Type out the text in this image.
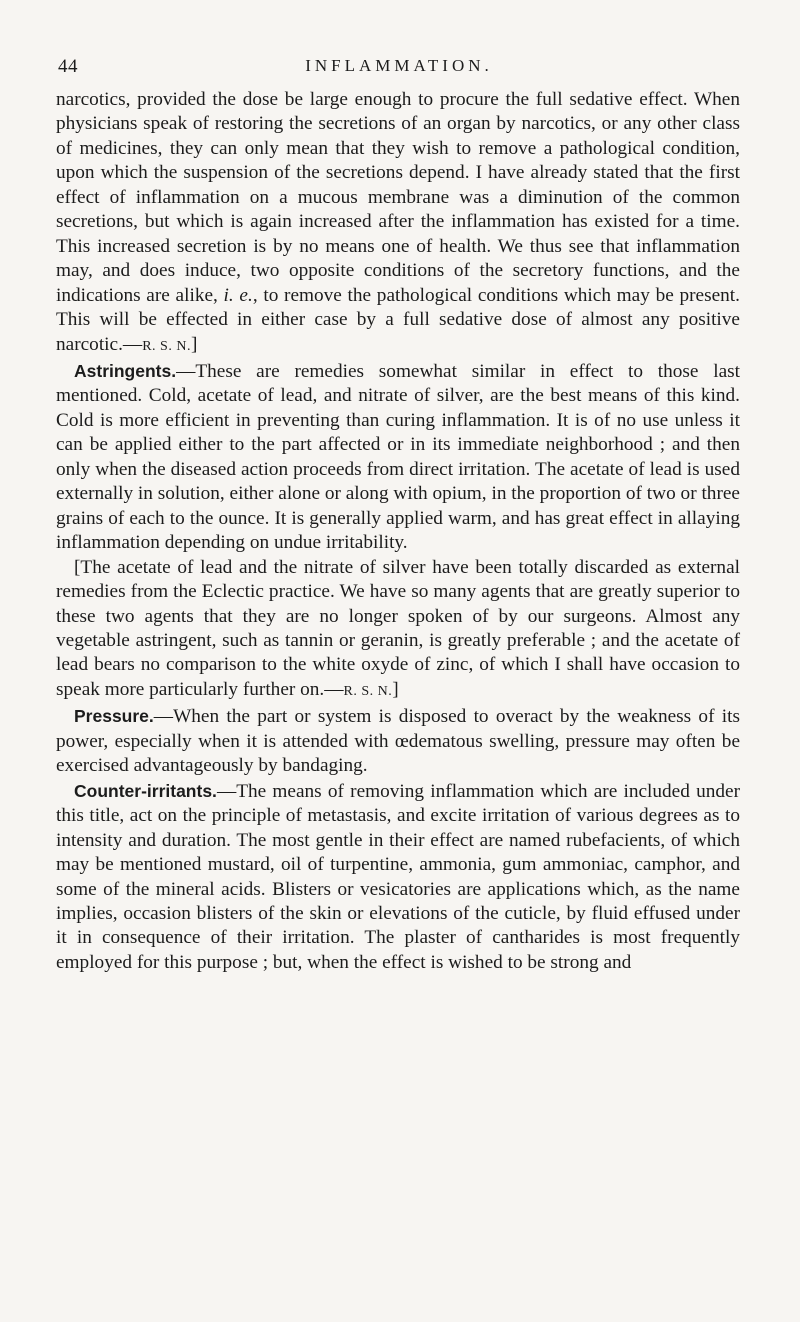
44	INFLAMMATION.

narcotics, provided the dose be large enough to procure the full sedative effect. When physicians speak of restoring the secretions of an organ by narcotics, or any other class of medicines, they can only mean that they wish to remove a pathological condition, upon which the suspension of the secretions depend. I have already stated that the first effect of inflammation on a mucous membrane was a diminution of the common secretions, but which is again increased after the inflammation has existed for a time. This increased secretion is by no means one of health. We thus see that inflammation may, and does induce, two opposite conditions of the secretory functions, and the indications are alike, i. e., to remove the pathological conditions which may be present. This will be effected in either case by a full sedative dose of almost any positive narcotic.—R. S. N.]

Astringents.—These are remedies somewhat similar in effect to those last mentioned. Cold, acetate of lead, and nitrate of silver, are the best means of this kind. Cold is more efficient in preventing than curing inflammation. It is of no use unless it can be applied either to the part affected or in its immediate neighborhood ; and then only when the diseased action proceeds from direct irritation. The acetate of lead is used externally in solution, either alone or along with opium, in the proportion of two or three grains of each to the ounce. It is generally applied warm, and has great effect in allaying inflammation depending on undue irritability.

[The acetate of lead and the nitrate of silver have been totally discarded as external remedies from the Eclectic practice. We have so many agents that are greatly superior to these two agents that they are no longer spoken of by our surgeons. Almost any vegetable astringent, such as tannin or geranin, is greatly preferable ; and the acetate of lead bears no comparison to the white oxyde of zinc, of which I shall have occasion to speak more particularly further on.—R. S. N.]

Pressure.—When the part or system is disposed to overact by the weakness of its power, especially when it is attended with œdematous swelling, pressure may often be exercised advantageously by bandaging.

Counter-irritants.—The means of removing inflammation which are included under this title, act on the principle of metastasis, and excite irritation of various degrees as to intensity and duration. The most gentle in their effect are named rubefacients, of which may be mentioned mustard, oil of turpentine, ammonia, gum ammoniac, camphor, and some of the mineral acids. Blisters or vesicatories are applications which, as the name implies, occasion blisters of the skin or elevations of the cuticle, by fluid effused under it in consequence of their irritation. The plaster of cantharides is most frequently employed for this purpose ; but, when the effect is wished to be strong and
